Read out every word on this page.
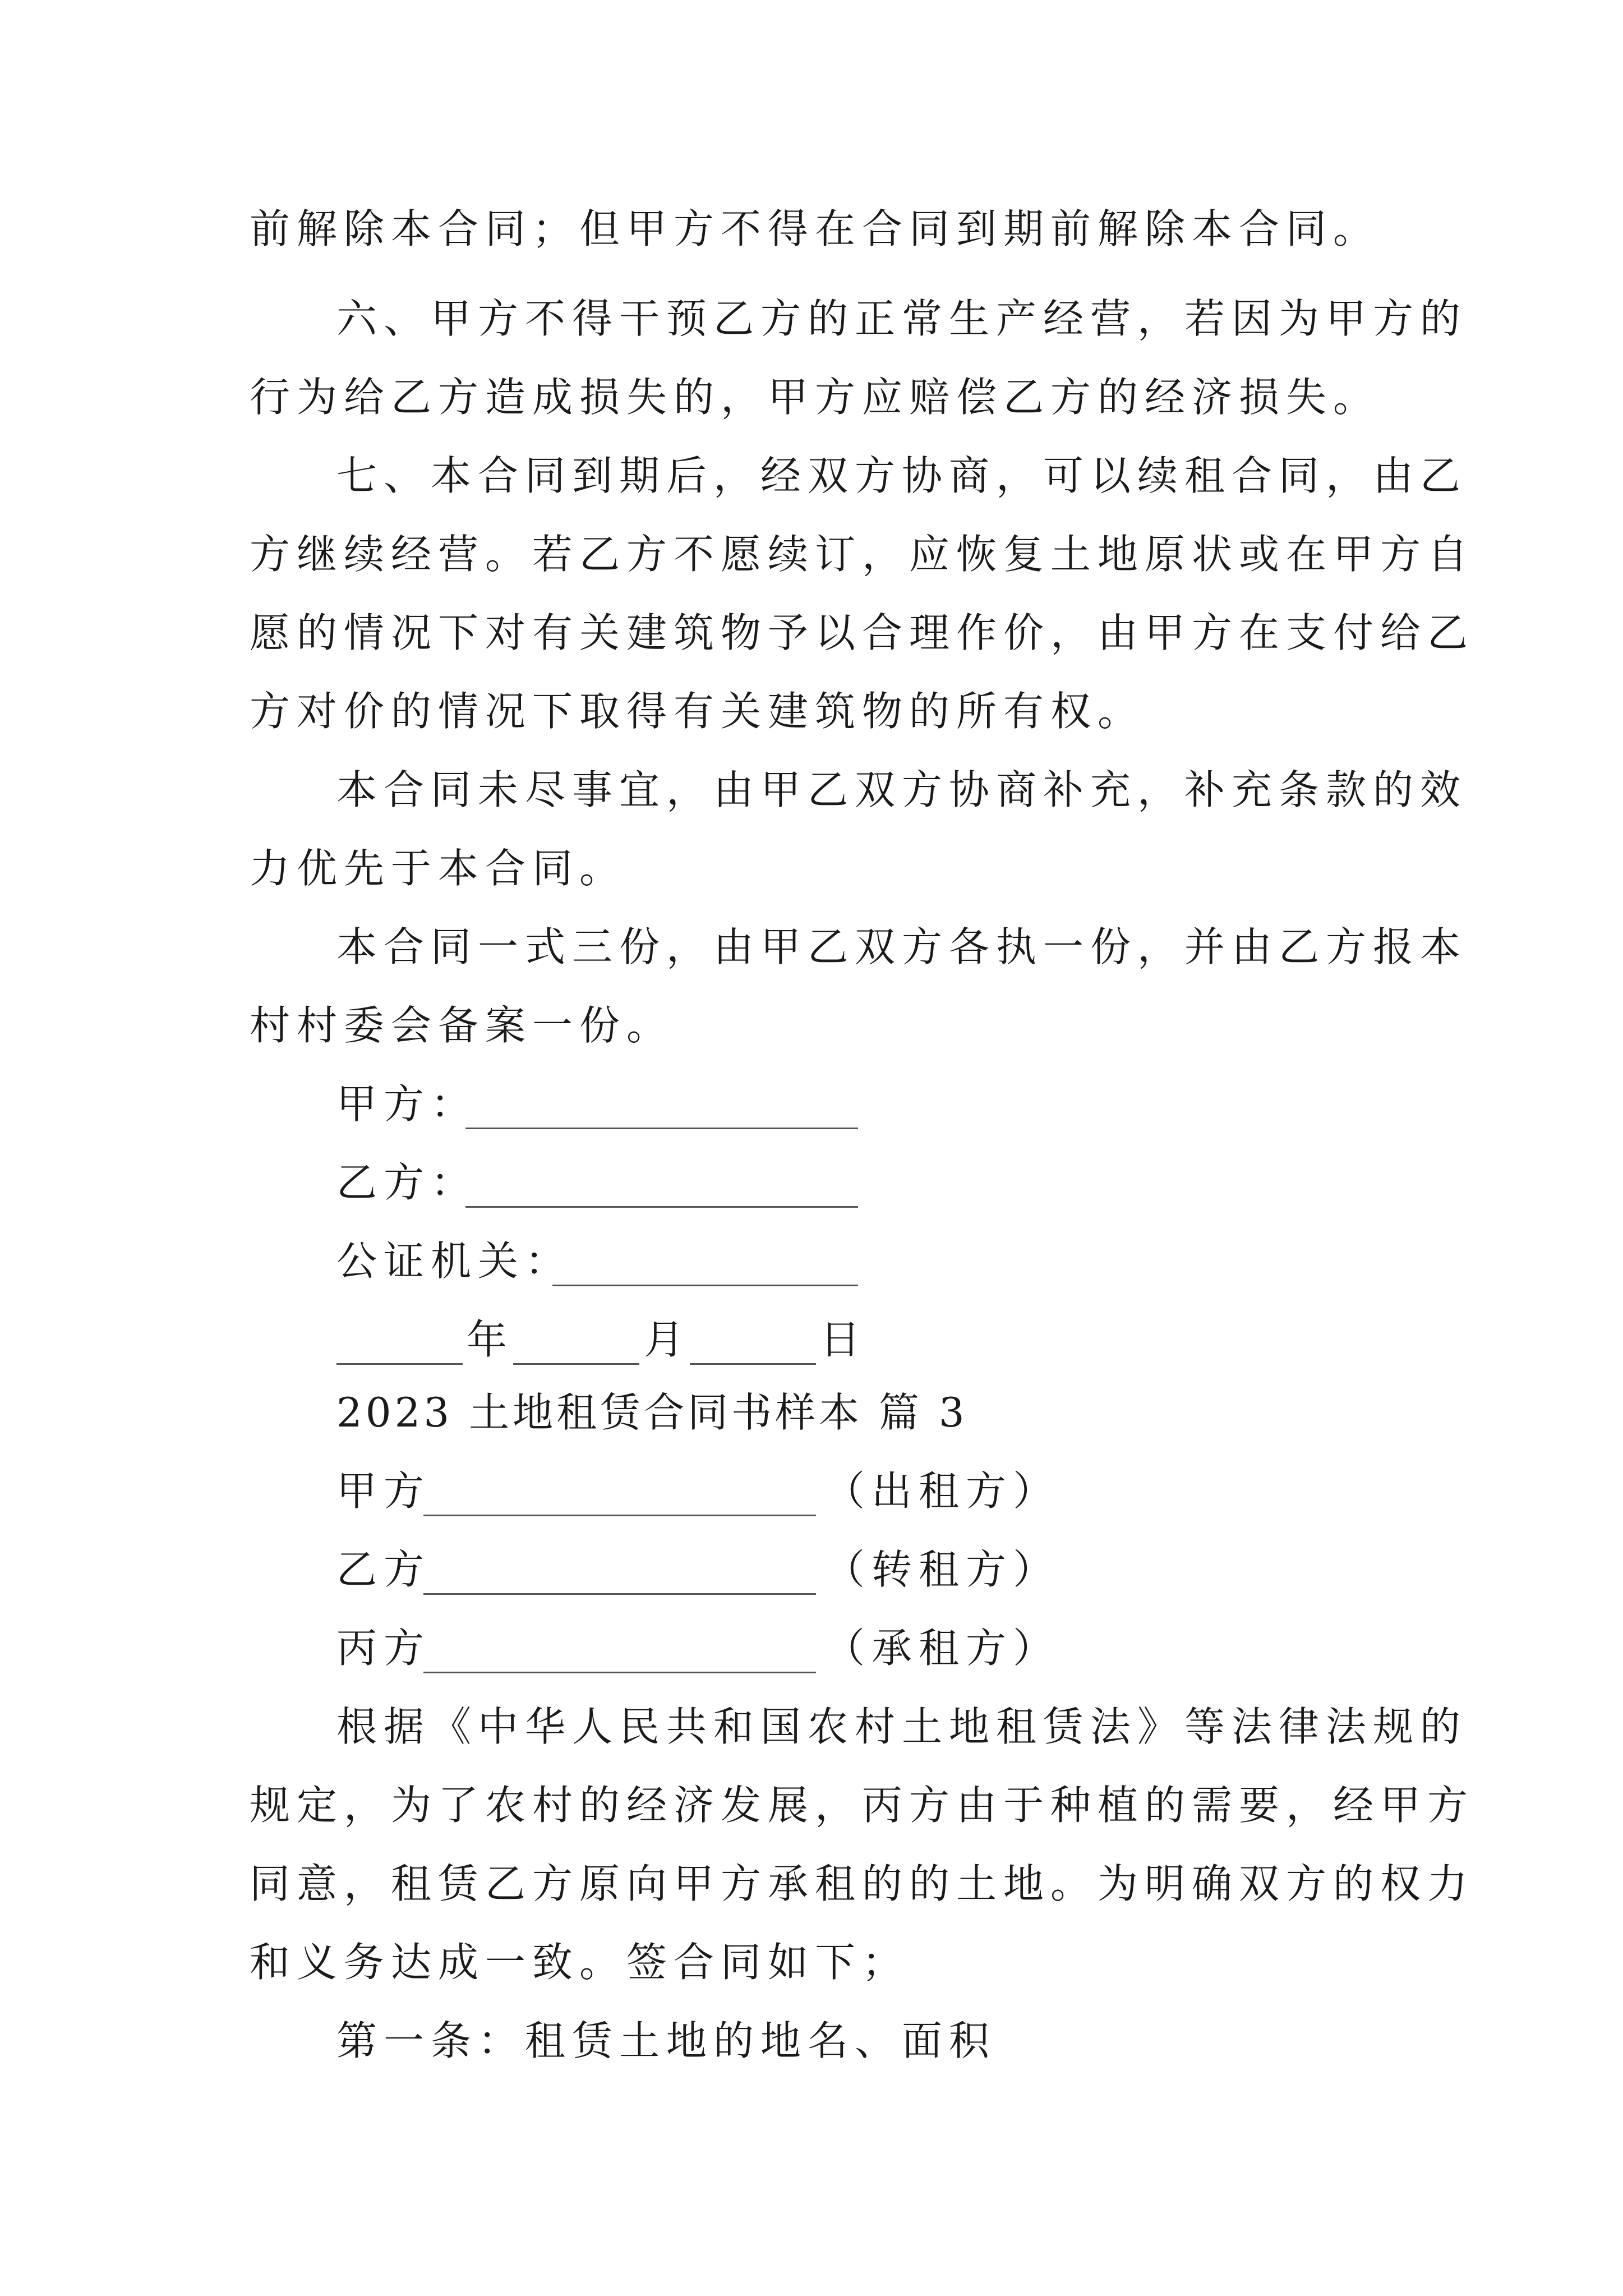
前解除本合同；但甲方不得在合同到期前解除本合同。
六、甲方不得干预乙方的正常生产经营，若因为甲方的
行为给乙方造成损失的，甲方应赔偿乙方的经济损失。
七、本合同到期后，经双方协商，可以续租合同，由乙
方继续经营。若乙方不愿续订，应恢复土地原状或在甲方自
愿的情况下对有关建筑物予以合理作价，由甲方在支付给乙
方对价的情况下取得有关建筑物的所有权。
本合同未尽事宜，由甲乙双方协商补充，补充条款的效
力优先于本合同。
本合同一式三份，由甲乙双方各执一份，并由乙方报本
村村委会备案一份。
甲方：
乙方：
公证机关：
年	月	日
2023 土地租赁合同书样本 篇 3
甲方	（出租方）
乙方	（转租方）
丙方	（承租方）
根据《中华人民共和国农村土地租赁法》等法律法规的
规定，为了农村的经济发展，丙方由于种植的需要，经甲方
同意，租赁乙方原向甲方承租的的土地。为明确双方的权力
和义务达成一致。签合同如下；
第一条：租赁土地的地名、面积
